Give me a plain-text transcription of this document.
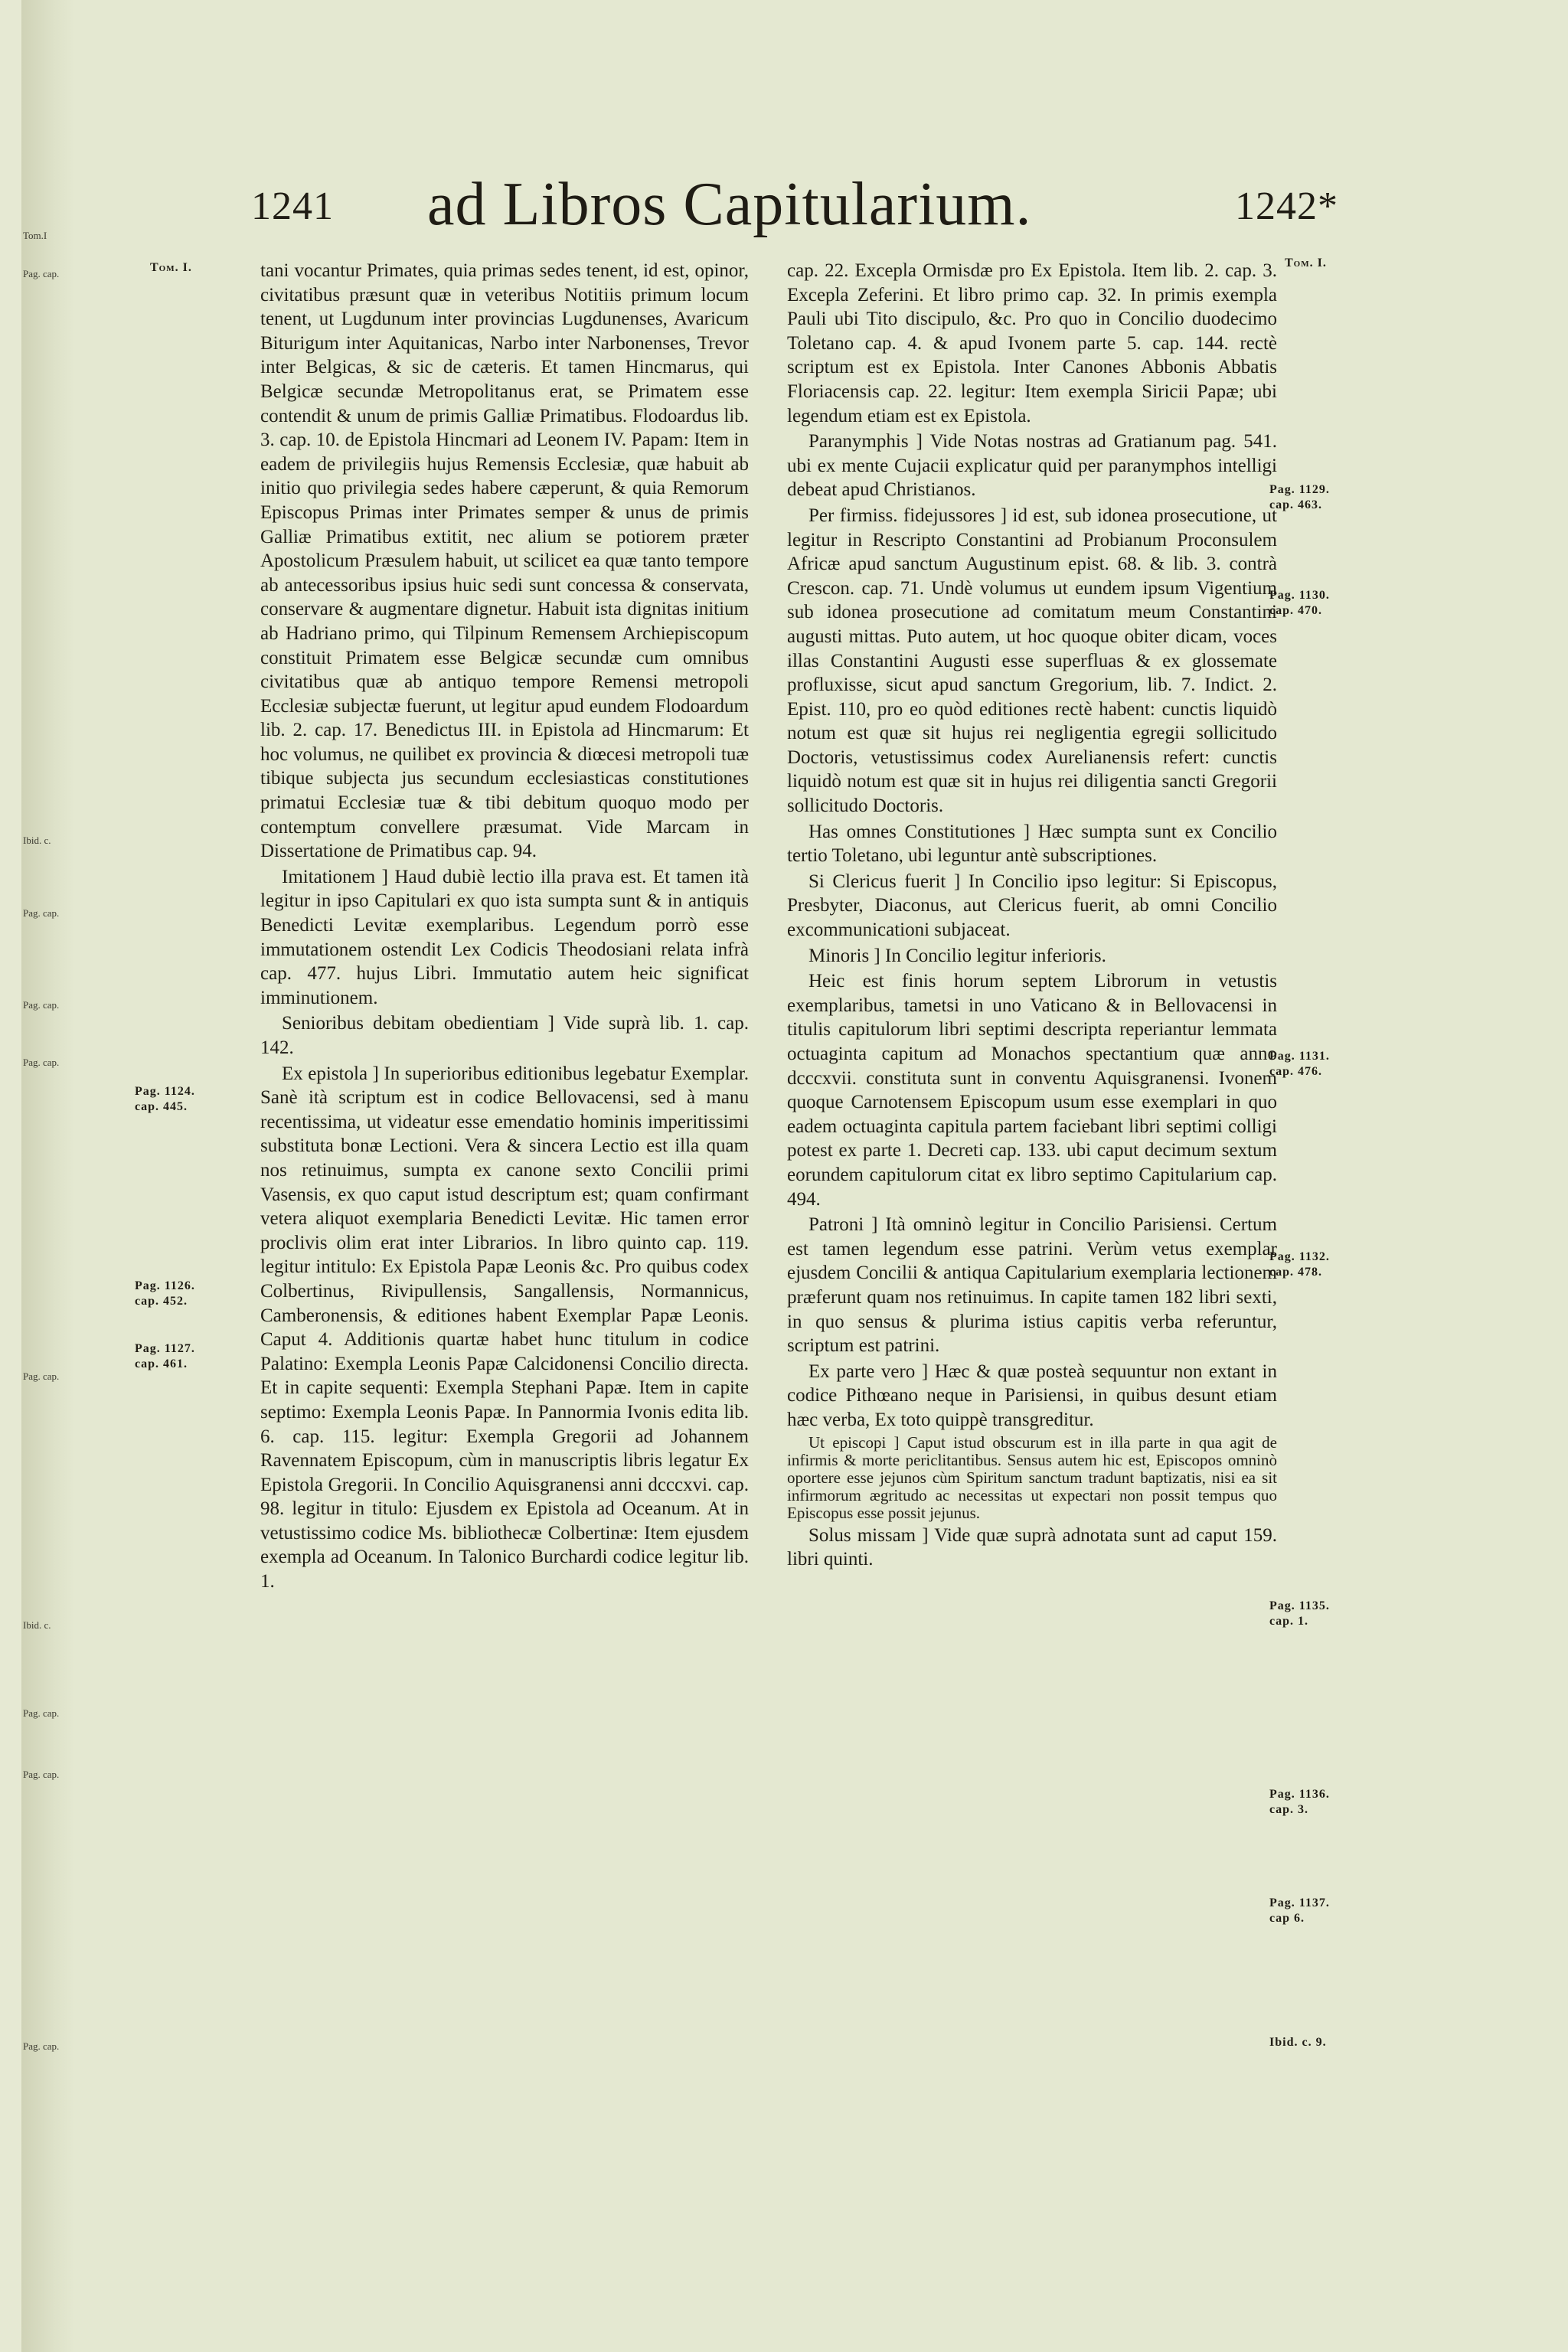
Tom.I
Pag. cap.
Ibid. c.
Pag. cap.
Pag. cap.
Pag. cap.
Pag. cap.
Ibid. c.
Pag. cap.
Pag. cap.
Pag. cap.
1241 ad Libros Capitularium.	1242*
Tom. I.
Pag. 1124.
cap. 445.
Pag. 1126.
cap. 452.
Pag. 1127.
cap. 461.
Tom. I.
Pag. 1129.
cap. 463.
Pag. 1130.
cap. 470.
Pag. 1131.
cap. 476.
Pag. 1132.
cap. 478.
Pag. 1135.
cap. 1.
Pag. 1136.
cap. 3.
Pag. 1137.
cap 6.
Ibid. c. 9.

tani vocantur Primates, quia primas sedes tenent, id est, opinor, civitatibus præsunt quæ in veteribus Notitiis primum locum tenent, ut Lugdunum inter provincias Lugdunenses, Avaricum Biturigum inter Aquitanicas, Narbo inter Narbonenses, Trevor inter Belgicas, & sic de cæteris. Et tamen Hincmarus, qui Belgicæ secundæ Metropolitanus erat, se Primatem esse contendit & unum de primis Galliæ Primatibus. Flodoardus lib. 3. cap. 10. de Epistola Hincmari ad Leonem IV. Papam: Item in eadem de privilegiis hujus Remensis Ecclesiæ, quæ habuit ab initio quo privilegia sedes habere cæperunt, & quia Remorum Episcopus Primas inter Primates semper & unus de primis Galliæ Primatibus extitit, nec alium se potiorem præter Apostolicum Præsulem habuit, ut scilicet ea quæ tanto tempore ab antecessoribus ipsius huic sedi sunt concessa & conservata, conservare & augmentare dignetur. Habuit ista dignitas initium ab Hadriano primo, qui Tilpinum Remensem Archiepiscopum constituit Primatem esse Belgicæ secundæ cum omnibus civitatibus quæ ab antiquo tempore Remensi metropoli Ecclesiæ subjectæ fuerunt, ut legitur apud eundem Flodoardum lib. 2. cap. 17. Benedictus III. in Epistola ad Hincmarum: Et hoc volumus, ne quilibet ex provincia & diœcesi metropoli tuæ tibique subjecta jus secundum ecclesiasticas constitutiones primatui Ecclesiæ tuæ & tibi debitum quoquo modo per contemptum convellere præsumat. Vide Marcam in Dissertatione de Primatibus cap. 94.

Imitationem ] Haud dubiè lectio illa prava est. Et tamen ità legitur in ipso Capitulari ex quo ista sumpta sunt & in antiquis Benedicti Levitæ exemplaribus. Legendum porrò esse immutationem ostendit Lex Codicis Theodosiani relata infrà cap. 477. hujus Libri. Immutatio autem heic significat imminutionem.

Senioribus debitam obedientiam ] Vide suprà lib. 1. cap. 142.

Ex epistola ] In superioribus editionibus legebatur Exemplar. Sanè ità scriptum est in codice Bellovacensi, sed à manu recentissima, ut videatur esse emendatio hominis imperitissimi substituta bonæ Lectioni. Vera & sincera Lectio est illa quam nos retinuimus, sumpta ex canone sexto Concilii primi Vasensis, ex quo caput istud descriptum est; quam confirmant vetera aliquot exemplaria Benedicti Levitæ. Hic tamen error proclivis olim erat inter Librarios. In libro quinto cap. 119. legitur intitulo: Ex Epistola Papæ Leonis &c. Pro quibus codex Colbertinus, Rivipullensis, Sangallensis, Normannicus, Camberonensis, & editiones habent Exemplar Papæ Leonis. Caput 4. Additionis quartæ habet hunc titulum in codice Palatino: Exempla Leonis Papæ Calcidonensi Concilio directa. Et in capite sequenti: Exempla Stephani Papæ. Item in capite septimo: Exempla Leonis Papæ. In Pannormia Ivonis edita lib. 6. cap. 115. legitur: Exempla Gregorii ad Johannem Ravennatem Episcopum, cùm in manuscriptis libris legatur Ex Epistola Gregorii. In Concilio Aquisgranensi anni dcccxvi. cap. 98. legitur in titulo: Ejusdem ex Epistola ad Oceanum. At in vetustissimo codice Ms. bibliothecæ Colbertinæ: Item ejusdem exempla ad Oceanum. In Talonico Burchardi codice legitur lib. 1.

cap. 22. Excepla Ormisdæ pro Ex Epistola. Item lib. 2. cap. 3. Excepla Zeferini. Et libro primo cap. 32. In primis exempla Pauli ubi Tito discipulo, &c. Pro quo in Concilio duodecimo Toletano cap. 4. & apud Ivonem parte 5. cap. 144. rectè scriptum est ex Epistola. Inter Canones Abbonis Abbatis Floriacensis cap. 22. legitur: Item exempla Siricii Papæ; ubi legendum etiam est ex Epistola.

Paranymphis ] Vide Notas nostras ad Gratianum pag. 541. ubi ex mente Cujacii explicatur quid per paranymphos intelligi debeat apud Christianos.

Per firmiss. fidejussores ] id est, sub idonea prosecutione, ut legitur in Rescripto Constantini ad Probianum Proconsulem Africæ apud sanctum Augustinum epist. 68. & lib. 3. contrà Crescon. cap. 71. Undè volumus ut eundem ipsum Vigentium sub idonea prosecutione ad comitatum meum Constantini augusti mittas. Puto autem, ut hoc quoque obiter dicam, voces illas Constantini Augusti esse superfluas & ex glossemate profluxisse, sicut apud sanctum Gregorium, lib. 7. Indict. 2. Epist. 110, pro eo quòd editiones rectè habent: cunctis liquidò notum est quæ sit hujus rei negligentia egregii sollicitudo Doctoris, vetustissimus codex Aurelianensis refert: cunctis liquidò notum est quæ sit in hujus rei diligentia sancti Gregorii sollicitudo Doctoris.

Has omnes Constitutiones ] Hæc sumpta sunt ex Concilio tertio Toletano, ubi leguntur antè subscriptiones.

Si Clericus fuerit ] In Concilio ipso legitur: Si Episcopus, Presbyter, Diaconus, aut Clericus fuerit, ab omni Concilio excommunicationi subjaceat.

Minoris ] In Concilio legitur inferioris.

Heic est finis horum septem Librorum in vetustis exemplaribus, tametsi in uno Vaticano & in Bellovacensi in titulis capitulorum libri septimi descripta reperiantur lemmata octuaginta capitum ad Monachos spectantium quæ anno dcccxvii. constituta sunt in conventu Aquisgranensi. Ivonem quoque Carnotensem Episcopum usum esse exemplari in quo eadem octuaginta capitula partem faciebant libri septimi colligi potest ex parte 1. Decreti cap. 133. ubi caput decimum sextum eorundem capitulorum citat ex libro septimo Capitularium cap. 494.

Patroni ] Ità omninò legitur in Concilio Parisiensi. Certum est tamen legendum esse patrini. Verùm vetus exemplar ejusdem Concilii & antiqua Capitularium exemplaria lectionem præferunt quam nos retinuimus. In capite tamen 182 libri sexti, in quo sensus & plurima istius capitis verba referuntur, scriptum est patrini.

Ex parte vero ] Hæc & quæ posteà sequuntur non extant in codice Pithœano neque in Parisiensi, in quibus desunt etiam hæc verba, Ex toto quippè transgreditur.

Ut episcopi ] Caput istud obscurum est in illa parte in qua agit de infirmis & morte periclitantibus. Sensus autem hic est, Episcopos omninò oportere esse jejunos cùm Spiritum sanctum tradunt baptizatis, nisi ea sit infirmorum ægritudo ac necessitas ut expectari non possit tempus quo Episcopus esse possit jejunus.

Solus missam ] Vide quæ suprà adnotata sunt ad caput 159. libri quinti.
